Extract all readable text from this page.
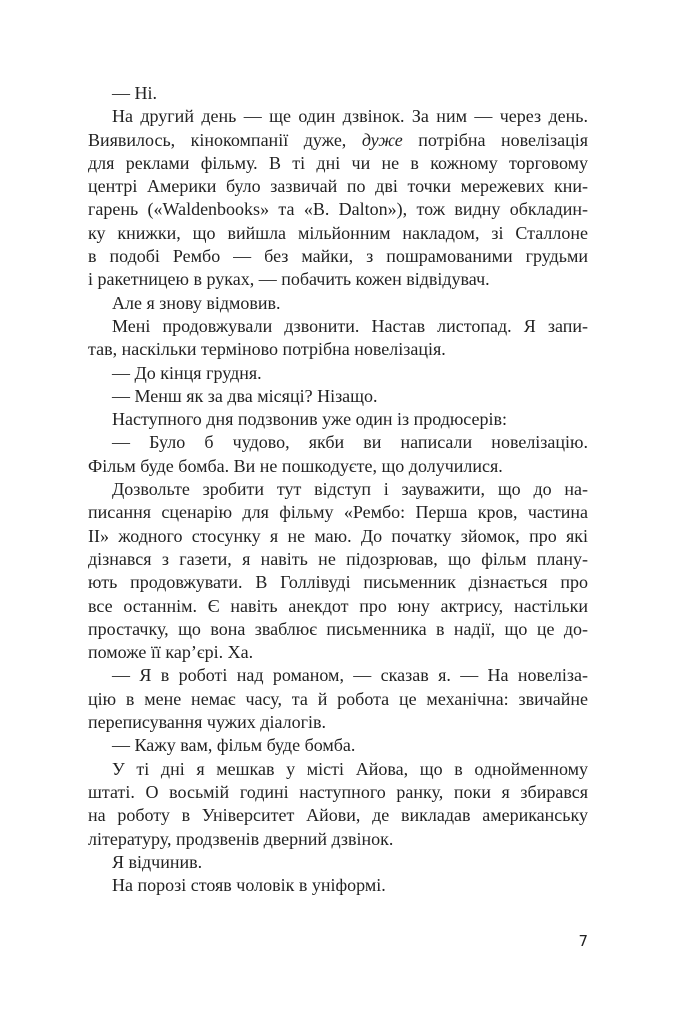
— Ні.
На другий день — ще один дзвінок. За ним — через день.
Виявилось, кінокомпанії дуже, дуже потрібна новелізація
для реклами фільму. В ті дні чи не в кожному торговому
центрі Америки було зазвичай по дві точки мережевих кни-
гарень («Waldenbooks» та «B. Dalton»), тож видну обкладин-
ку книжки, що вийшла мільйонним накладом, зі Сталлоне
в подобі Рембо — без майки, з пошрамованими грудьми
і ракетницею в руках, — побачить кожен відвідувач.
Але я знову відмовив.
Мені продовжували дзвонити. Настав листопад. Я запи-
тав, наскільки терміново потрібна новелізація.
— До кінця грудня.
— Менш як за два місяці? Нізащо.
Наступного дня подзвонив уже один із продюсерів:
— Було б чудово, якби ви написали новелізацію.
Фільм буде бомба. Ви не пошкодуєте, що долучилися.
Дозвольте зробити тут відступ і зауважити, що до на-
писання сценарію для фільму «Рембо: Перша кров, частина
II» жодного стосунку я не маю. До початку зйомок, про які
дізнався з газети, я навіть не підозрював, що фільм плану-
ють продовжувати. В Голлівуді письменник дізнається про
все останнім. Є навіть анекдот про юну актрису, настільки
простачку, що вона зваблює письменника в надії, що це до-
поможе її кар’єрі. Ха.
— Я в роботі над романом, — сказав я. — На новеліза-
цію в мене немає часу, та й робота це механічна: звичайне
переписування чужих діалогів.
— Кажу вам, фільм буде бомба.
У ті дні я мешкав у місті Айова, що в однойменному
штаті. О восьмій годині наступного ранку, поки я збирався
на роботу в Університет Айови, де викладав американську
літературу, продзвенів дверний дзвінок.
Я відчинив.
На порозі стояв чоловік в уніформі.
7
